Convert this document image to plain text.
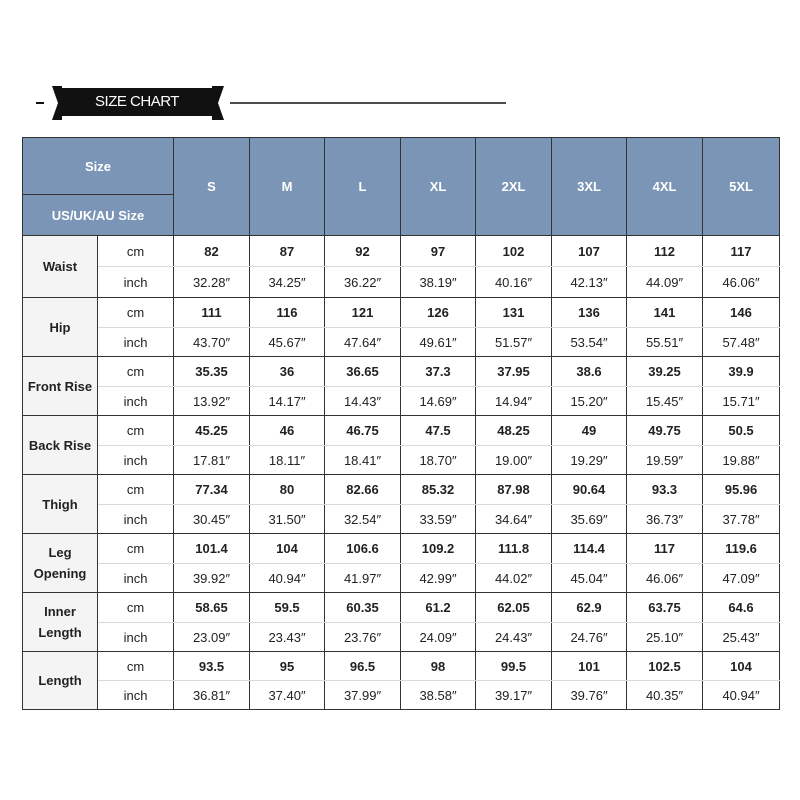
SIZE CHART
Size		S	M	L	XL	2XL	3XL	4XL	5XL
US/UK/AU Size									
Waist	cm	82	87	92	97	102	107	112	117
	inch	32.28″	34.25″	36.22″	38.19″	40.16″	42.13″	44.09″	46.06″
Hip	cm	111	116	121	126	131	136	141	146
	inch	43.70″	45.67″	47.64″	49.61″	51.57″	53.54″	55.51″	57.48″
Front Rise	cm	35.35	36	36.65	37.3	37.95	38.6	39.25	39.9
	inch	13.92″	14.17″	14.43″	14.69″	14.94″	15.20″	15.45″	15.71″
Back Rise	cm	45.25	46	46.75	47.5	48.25	49	49.75	50.5
	inch	17.81″	18.11″	18.41″	18.70″	19.00″	19.29″	19.59″	19.88″
Thigh	cm	77.34	80	82.66	85.32	87.98	90.64	93.3	95.96
	inch	30.45″	31.50″	32.54″	33.59″	34.64″	35.69″	36.73″	37.78″
Leg
Opening	cm	101.4	104	106.6	109.2	111.8	114.4	117	119.6
	inch	39.92″	40.94″	41.97″	42.99″	44.02″	45.04″	46.06″	47.09″
Inner
Length	cm	58.65	59.5	60.35	61.2	62.05	62.9	63.75	64.6
	inch	23.09″	23.43″	23.76″	24.09″	24.43″	24.76″	25.10″	25.43″
Length	cm	93.5	95	96.5	98	99.5	101	102.5	104
	inch	36.81″	37.40″	37.99″	38.58″	39.17″	39.76″	40.35″	40.94″
